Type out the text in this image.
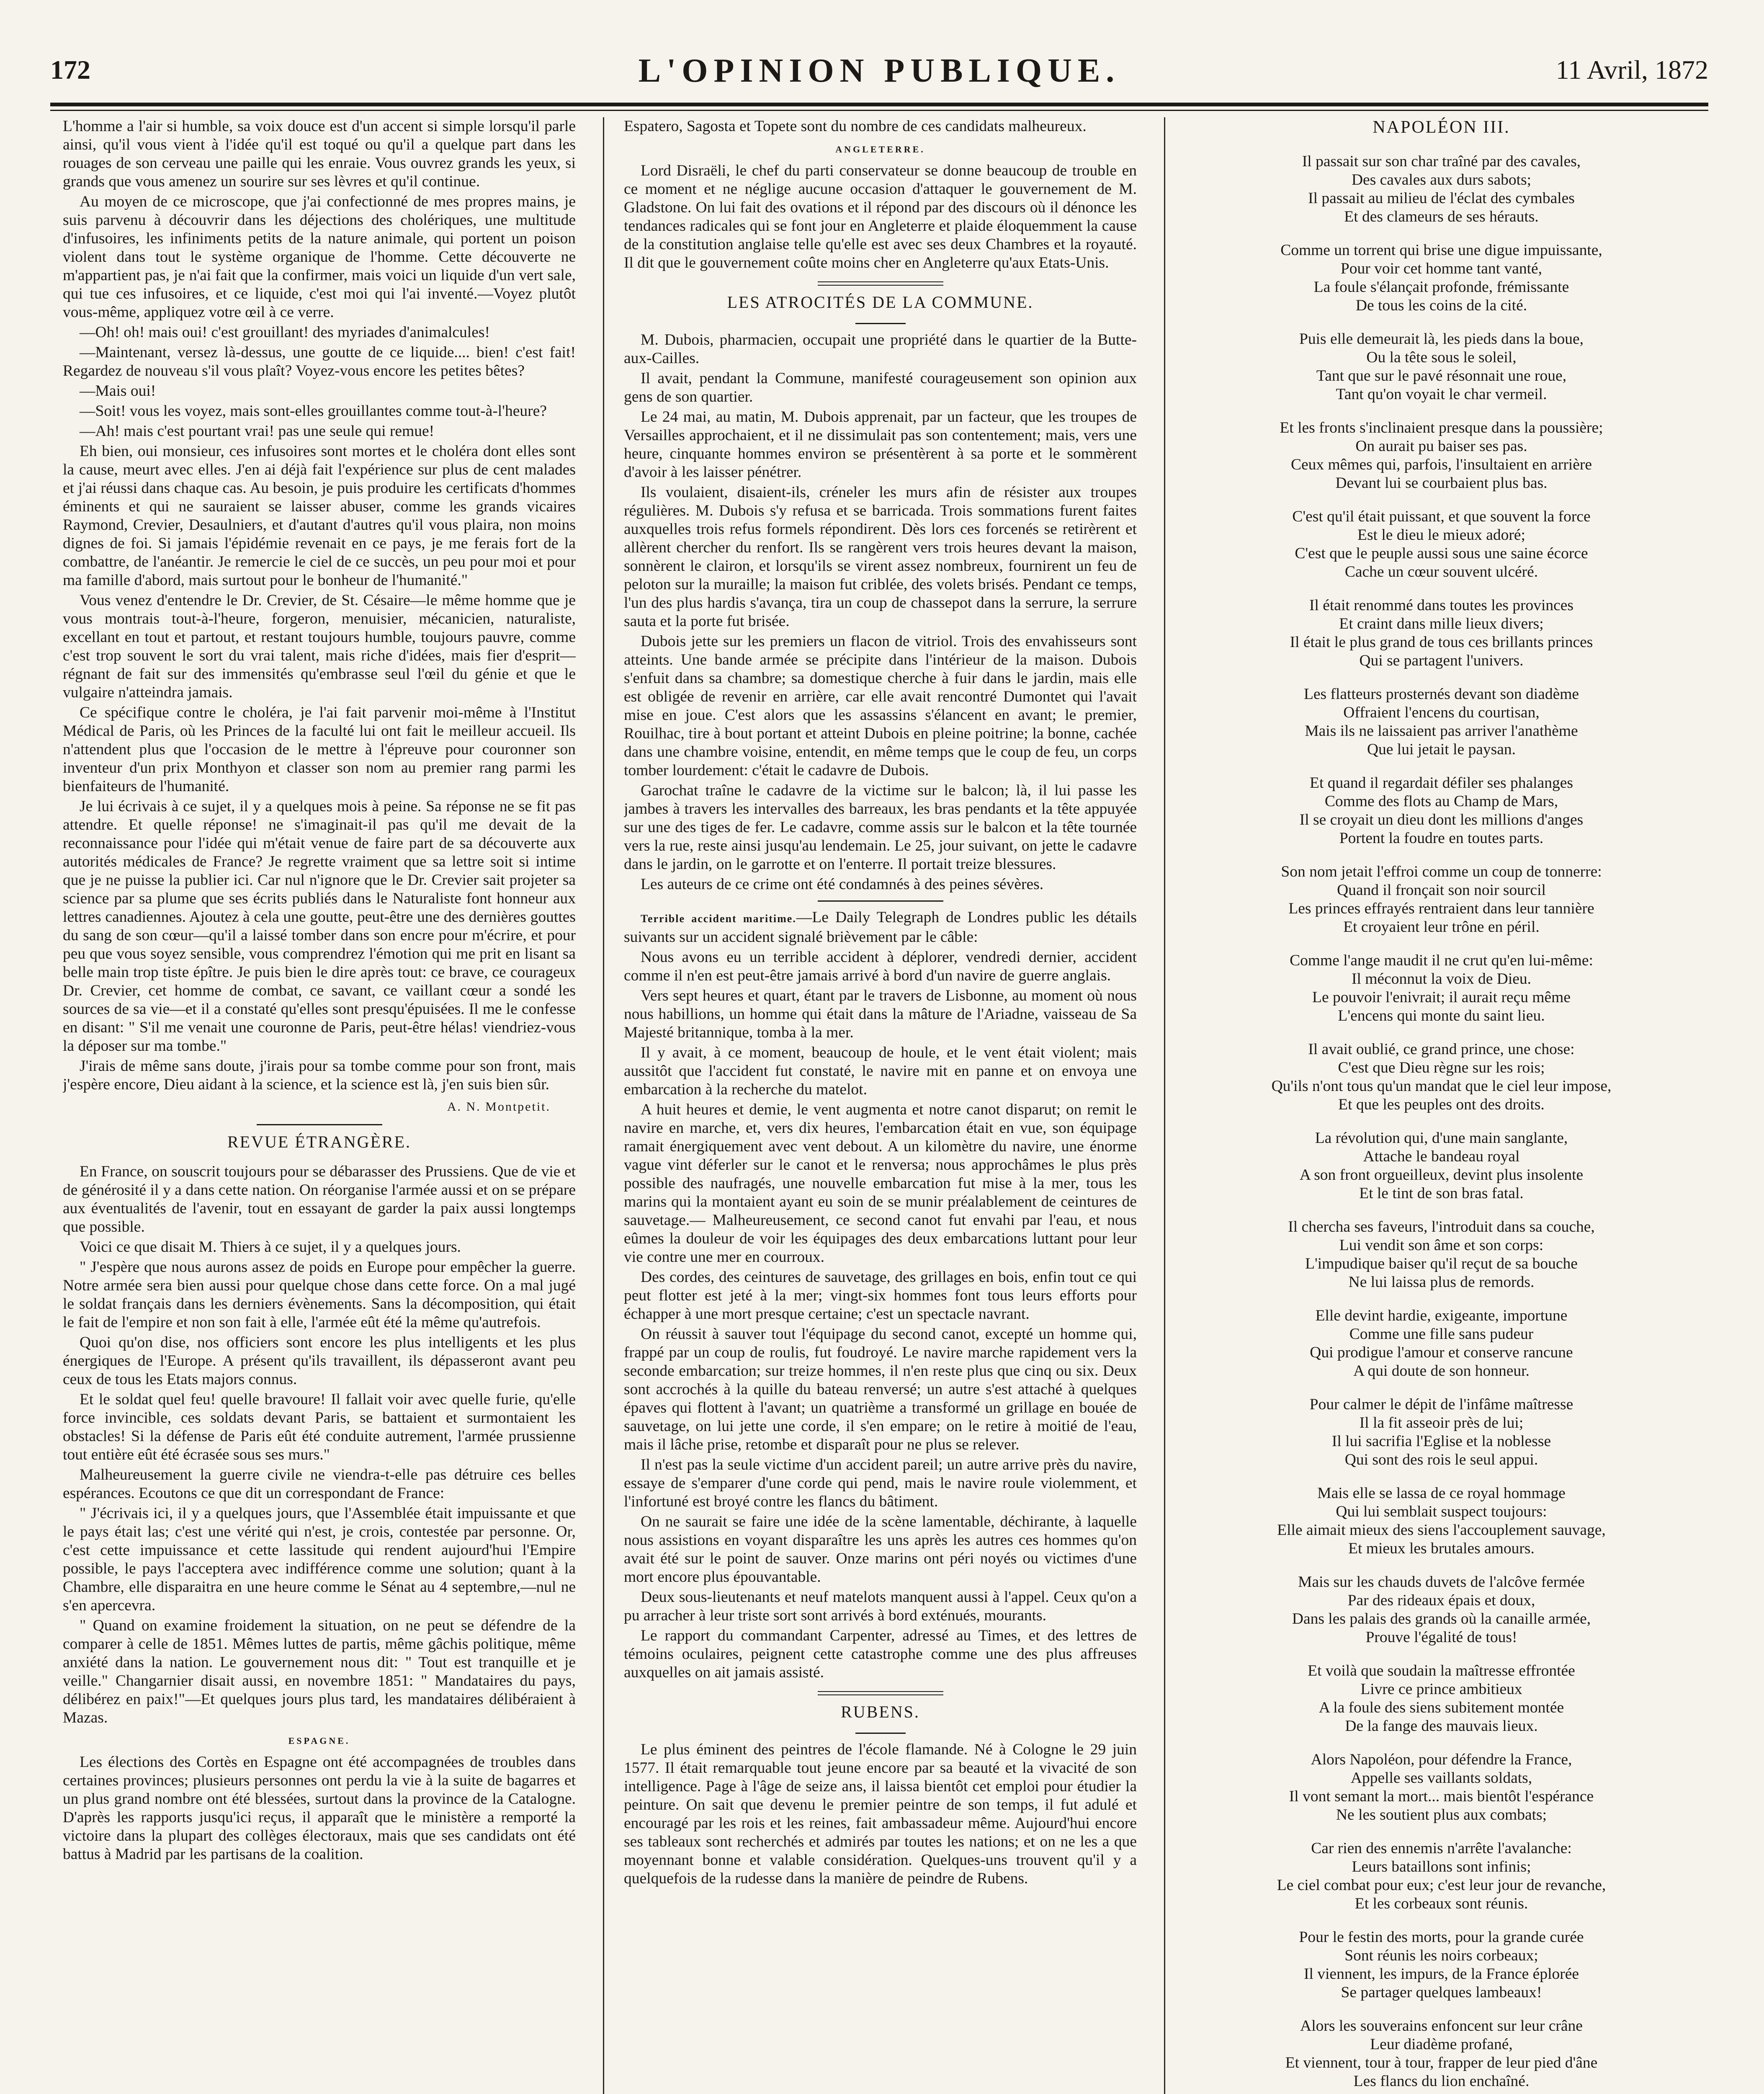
172	L'OPINION PUBLIQUE.	11 Avril, 1872

L'homme a l'air si humble, sa voix douce est d'un accent si simple lorsqu'il parle ainsi, qu'il vous vient à l'idée qu'il est toqué ou qu'il a quelque part dans les rouages de son cerveau une paille qui les enraie. Vous ouvrez grands les yeux, si grands que vous amenez un sourire sur ses lèvres et qu'il continue.

Au moyen de ce microscope, que j'ai confectionné de mes propres mains, je suis parvenu à découvrir dans les déjections des cholériques, une multitude d'infusoires, les infiniments petits de la nature animale, qui portent un poison violent dans tout le système organique de l'homme. Cette découverte ne m'appartient pas, je n'ai fait que la confirmer, mais voici un liquide d'un vert sale, qui tue ces infusoires, et ce liquide, c'est moi qui l'ai inventé.—Voyez plutôt vous-même, appliquez votre œil à ce verre.

—Oh! oh! mais oui! c'est grouillant! des myriades d'animalcules!

—Maintenant, versez là-dessus, une goutte de ce liquide.... bien! c'est fait! Regardez de nouveau s'il vous plaît? Voyez-vous encore les petites bêtes?

—Mais oui!

—Soit! vous les voyez, mais sont-elles grouillantes comme tout-à-l'heure?

—Ah! mais c'est pourtant vrai! pas une seule qui remue!

Eh bien, oui monsieur, ces infusoires sont mortes et le choléra dont elles sont la cause, meurt avec elles. J'en ai déjà fait l'expérience sur plus de cent malades et j'ai réussi dans chaque cas. Au besoin, je puis produire les certificats d'hommes éminents et qui ne sauraient se laisser abuser, comme les grands vicaires Raymond, Crevier, Desaulniers, et d'autant d'autres qu'il vous plaira, non moins dignes de foi. Si jamais l'épidémie revenait en ce pays, je me ferais fort de la combattre, de l'anéantir. Je remercie le ciel de ce succès, un peu pour moi et pour ma famille d'abord, mais surtout pour le bonheur de l'humanité."

Vous venez d'entendre le Dr. Crevier, de St. Césaire—le même homme que je vous montrais tout-à-l'heure, forgeron, menuisier, mécanicien, naturaliste, excellant en tout et partout, et restant toujours humble, toujours pauvre, comme c'est trop souvent le sort du vrai talent, mais riche d'idées, mais fier d'esprit—régnant de fait sur des immensités qu'embrasse seul l'œil du génie et que le vulgaire n'atteindra jamais.

Ce spécifique contre le choléra, je l'ai fait parvenir moi-même à l'Institut Médical de Paris, où les Princes de la faculté lui ont fait le meilleur accueil. Ils n'attendent plus que l'occasion de le mettre à l'épreuve pour couronner son inventeur d'un prix Monthyon et classer son nom au premier rang parmi les bienfaiteurs de l'humanité.

Je lui écrivais à ce sujet, il y a quelques mois à peine. Sa réponse ne se fit pas attendre. Et quelle réponse! ne s'imaginait-il pas qu'il me devait de la reconnaissance pour l'idée qui m'était venue de faire part de sa découverte aux autorités médicales de France? Je regrette vraiment que sa lettre soit si intime que je ne puisse la publier ici. Car nul n'ignore que le Dr. Crevier sait projeter sa science par sa plume que ses écrits publiés dans le Naturaliste font honneur aux lettres canadiennes. Ajoutez à cela une goutte, peut-être une des dernières gouttes du sang de son cœur—qu'il a laissé tomber dans son encre pour m'écrire, et pour peu que vous soyez sensible, vous comprendrez l'émotion qui me prit en lisant sa belle main trop tiste épître. Je puis bien le dire après tout: ce brave, ce courageux Dr. Crevier, cet homme de combat, ce savant, ce vaillant cœur a sondé les sources de sa vie—et il a constaté qu'elles sont presqu'épuisées. Il me le confesse en disant: " S'il me venait une couronne de Paris, peut-être hélas! viendriez-vous la déposer sur ma tombe."

J'irais de même sans doute, j'irais pour sa tombe comme pour son front, mais j'espère encore, Dieu aidant à la science, et la science est là, j'en suis bien sûr.

A. N. Montpetit.
REVUE ÉTRANGÈRE.

En France, on souscrit toujours pour se débarasser des Prussiens. Que de vie et de générosité il y a dans cette nation. On réorganise l'armée aussi et on se prépare aux éventualités de l'avenir, tout en essayant de garder la paix aussi longtemps que possible.

Voici ce que disait M. Thiers à ce sujet, il y a quelques jours.

" J'espère que nous aurons assez de poids en Europe pour empêcher la guerre. Notre armée sera bien aussi pour quelque chose dans cette force. On a mal jugé le soldat français dans les derniers évènements. Sans la décomposition, qui était le fait de l'empire et non son fait à elle, l'armée eût été la même qu'autrefois.

Quoi qu'on dise, nos officiers sont encore les plus intelligents et les plus énergiques de l'Europe. A présent qu'ils travaillent, ils dépasseront avant peu ceux de tous les Etats majors connus.

Et le soldat quel feu! quelle bravoure! Il fallait voir avec quelle furie, qu'elle force invincible, ces soldats devant Paris, se battaient et surmontaient les obstacles! Si la défense de Paris eût été conduite autrement, l'armée prussienne tout entière eût été écrasée sous ses murs."

Malheureusement la guerre civile ne viendra-t-elle pas détruire ces belles espérances. Ecoutons ce que dit un correspondant de France:

" J'écrivais ici, il y a quelques jours, que l'Assemblée était impuissante et que le pays était las; c'est une vérité qui n'est, je crois, contestée par personne. Or, c'est cette impuissance et cette lassitude qui rendent aujourd'hui l'Empire possible, le pays l'acceptera avec indifférence comme une solution; quant à la Chambre, elle disparaitra en une heure comme le Sénat au 4 septembre,—nul ne s'en apercevra.

" Quand on examine froidement la situation, on ne peut se défendre de la comparer à celle de 1851. Mêmes luttes de partis, même gâchis politique, même anxiété dans la nation. Le gouvernement nous dit: " Tout est tranquille et je veille." Changarnier disait aussi, en novembre 1851: " Mandataires du pays, délibérez en paix!"—Et quelques jours plus tard, les mandataires délibéraient à Mazas.

ESPAGNE.

Les élections des Cortès en Espagne ont été accompagnées de troubles dans certaines provinces; plusieurs personnes ont perdu la vie à la suite de bagarres et un plus grand nombre ont été blessées, surtout dans la province de la Catalogne. D'après les rapports jusqu'ici reçus, il apparaît que le ministère a remporté la victoire dans la plupart des collèges électoraux, mais que ses candidats ont été battus à Madrid par les partisans de la coalition.

Espatero, Sagosta et Topete sont du nombre de ces candidats malheureux.

ANGLETERRE.

Lord Disraëli, le chef du parti conservateur se donne beaucoup de trouble en ce moment et ne néglige aucune occasion d'attaquer le gouvernement de M. Gladstone. On lui fait des ovations et il répond par des discours où il dénonce les tendances radicales qui se font jour en Angleterre et plaide éloquemment la cause de la constitution anglaise telle qu'elle est avec ses deux Chambres et la royauté. Il dit que le gouvernement coûte moins cher en Angleterre qu'aux Etats-Unis.

LES ATROCITÉS DE LA COMMUNE.

M. Dubois, pharmacien, occupait une propriété dans le quartier de la Butte-aux-Cailles.

Il avait, pendant la Commune, manifesté courageusement son opinion aux gens de son quartier.

Le 24 mai, au matin, M. Dubois apprenait, par un facteur, que les troupes de Versailles approchaient, et il ne dissimulait pas son contentement; mais, vers une heure, cinquante hommes environ se présentèrent à sa porte et le sommèrent d'avoir à les laisser pénétrer.

Ils voulaient, disaient-ils, créneler les murs afin de résister aux troupes régulières. M. Dubois s'y refusa et se barricada. Trois sommations furent faites auxquelles trois refus formels répondirent. Dès lors ces forcenés se retirèrent et allèrent chercher du renfort. Ils se rangèrent vers trois heures devant la maison, sonnèrent le clairon, et lorsqu'ils se virent assez nombreux, fournirent un feu de peloton sur la muraille; la maison fut criblée, des volets brisés. Pendant ce temps, l'un des plus hardis s'avança, tira un coup de chassepot dans la serrure, la serrure sauta et la porte fut brisée.

Dubois jette sur les premiers un flacon de vitriol. Trois des envahisseurs sont atteints. Une bande armée se précipite dans l'intérieur de la maison. Dubois s'enfuit dans sa chambre; sa domestique cherche à fuir dans le jardin, mais elle est obligée de revenir en arrière, car elle avait rencontré Dumontet qui l'avait mise en joue. C'est alors que les assassins s'élancent en avant; le premier, Rouilhac, tire à bout portant et atteint Dubois en pleine poitrine; la bonne, cachée dans une chambre voisine, entendit, en même temps que le coup de feu, un corps tomber lourdement: c'était le cadavre de Dubois.

Garochat traîne le cadavre de la victime sur le balcon; là, il lui passe les jambes à travers les intervalles des barreaux, les bras pendants et la tête appuyée sur une des tiges de fer. Le cadavre, comme assis sur le balcon et la tête tournée vers la rue, reste ainsi jusqu'au lendemain. Le 25, jour suivant, on jette le cadavre dans le jardin, on le garrotte et on l'enterre. Il portait treize blessures.

Les auteurs de ce crime ont été condamnés à des peines sévères.

Terrible accident maritime.—Le Daily Telegraph de Londres public les détails suivants sur un accident signalé brièvement par le câble:

Nous avons eu un terrible accident à déplorer, vendredi dernier, accident comme il n'en est peut-être jamais arrivé à bord d'un navire de guerre anglais.

Vers sept heures et quart, étant par le travers de Lisbonne, au moment où nous nous habillions, un homme qui était dans la mâture de l'Ariadne, vaisseau de Sa Majesté britannique, tomba à la mer.

Il y avait, à ce moment, beaucoup de houle, et le vent était violent; mais aussitôt que l'accident fut constaté, le navire mit en panne et on envoya une embarcation à la recherche du matelot.

A huit heures et demie, le vent augmenta et notre canot disparut; on remit le navire en marche, et, vers dix heures, l'embarcation était en vue, son équipage ramait énergiquement avec vent debout. A un kilomètre du navire, une énorme vague vint déferler sur le canot et le renversa; nous approchâmes le plus près possible des naufragés, une nouvelle embarcation fut mise à la mer, tous les marins qui la montaient ayant eu soin de se munir préalablement de ceintures de sauvetage.— Malheureusement, ce second canot fut envahi par l'eau, et nous eûmes la douleur de voir les équipages des deux embarcations luttant pour leur vie contre une mer en courroux.

Des cordes, des ceintures de sauvetage, des grillages en bois, enfin tout ce qui peut flotter est jeté à la mer; vingt-six hommes font tous leurs efforts pour échapper à une mort presque certaine; c'est un spectacle navrant.

On réussit à sauver tout l'équipage du second canot, excepté un homme qui, frappé par un coup de roulis, fut foudroyé. Le navire marche rapidement vers la seconde embarcation; sur treize hommes, il n'en reste plus que cinq ou six. Deux sont accrochés à la quille du bateau renversé; un autre s'est attaché à quelques épaves qui flottent à l'avant; un quatrième a transformé un grillage en bouée de sauvetage, on lui jette une corde, il s'en empare; on le retire à moitié de l'eau, mais il lâche prise, retombe et disparaît pour ne plus se relever.

Il n'est pas la seule victime d'un accident pareil; un autre arrive près du navire, essaye de s'emparer d'une corde qui pend, mais le navire roule violemment, et l'infortuné est broyé contre les flancs du bâtiment.

On ne saurait se faire une idée de la scène lamentable, déchirante, à laquelle nous assistions en voyant disparaître les uns après les autres ces hommes qu'on avait été sur le point de sauver. Onze marins ont péri noyés ou victimes d'une mort encore plus épouvantable.

Deux sous-lieutenants et neuf matelots manquent aussi à l'appel. Ceux qu'on a pu arracher à leur triste sort sont arrivés à bord exténués, mourants.

Le rapport du commandant Carpenter, adressé au Times, et des lettres de témoins oculaires, peignent cette catastrophe comme une des plus affreuses auxquelles on ait jamais assisté.

RUBENS.

Le plus éminent des peintres de l'école flamande. Né à Cologne le 29 juin 1577. Il était remarquable tout jeune encore par sa beauté et la vivacité de son intelligence. Page à l'âge de seize ans, il laissa bientôt cet emploi pour étudier la peinture. On sait que devenu le premier peintre de son temps, il fut adulé et encouragé par les rois et les reines, fait ambassadeur même. Aujourd'hui encore ses tableaux sont recherchés et admirés par toutes les nations; et on ne les a que moyennant bonne et valable considération. Quelques-uns trouvent qu'il y a quelquefois de la rudesse dans la manière de peindre de Rubens.

NAPOLÉON III.
Il passait sur son char traîné par des cavales,
Des cavales aux durs sabots;
Il passait au milieu de l'éclat des cymbales
Et des clameurs de ses hérauts.
Comme un torrent qui brise une digue impuissante,
Pour voir cet homme tant vanté,
La foule s'élançait profonde, frémissante
De tous les coins de la cité.
Puis elle demeurait là, les pieds dans la boue,
Ou la tête sous le soleil,
Tant que sur le pavé résonnait une roue,
Tant qu'on voyait le char vermeil.
Et les fronts s'inclinaient presque dans la poussière;
On aurait pu baiser ses pas.
Ceux mêmes qui, parfois, l'insultaient en arrière
Devant lui se courbaient plus bas.
C'est qu'il était puissant, et que souvent la force
Est le dieu le mieux adoré;
C'est que le peuple aussi sous une saine écorce
Cache un cœur souvent ulcéré.
Il était renommé dans toutes les provinces
Et craint dans mille lieux divers;
Il était le plus grand de tous ces brillants princes
Qui se partagent l'univers.
Les flatteurs prosternés devant son diadème
Offraient l'encens du courtisan,
Mais ils ne laissaient pas arriver l'anathème
Que lui jetait le paysan.
Et quand il regardait défiler ses phalanges
Comme des flots au Champ de Mars,
Il se croyait un dieu dont les millions d'anges
Portent la foudre en toutes parts.
Son nom jetait l'effroi comme un coup de tonnerre:
Quand il fronçait son noir sourcil
Les princes effrayés rentraient dans leur tannière
Et croyaient leur trône en péril.
Comme l'ange maudit il ne crut qu'en lui-même:
Il méconnut la voix de Dieu.
Le pouvoir l'enivrait; il aurait reçu même
L'encens qui monte du saint lieu.
Il avait oublié, ce grand prince, une chose:
C'est que Dieu règne sur les rois;
Qu'ils n'ont tous qu'un mandat que le ciel leur impose,
Et que les peuples ont des droits.
La révolution qui, d'une main sanglante,
Attache le bandeau royal
A son front orgueilleux, devint plus insolente
Et le tint de son bras fatal.
Il chercha ses faveurs, l'introduit dans sa couche,
Lui vendit son âme et son corps:
L'impudique baiser qu'il reçut de sa bouche
Ne lui laissa plus de remords.
Elle devint hardie, exigeante, importune
Comme une fille sans pudeur
Qui prodigue l'amour et conserve rancune
A qui doute de son honneur.
Pour calmer le dépit de l'infâme maîtresse
Il la fit asseoir près de lui;
Il lui sacrifia l'Eglise et la noblesse
Qui sont des rois le seul appui.
Mais elle se lassa de ce royal hommage
Qui lui semblait suspect toujours:
Elle aimait mieux des siens l'accouplement sauvage,
Et mieux les brutales amours.
Mais sur les chauds duvets de l'alcôve fermée
Par des rideaux épais et doux,
Dans les palais des grands où la canaille armée,
Prouve l'égalité de tous!
Et voilà que soudain la maîtresse effrontée
Livre ce prince ambitieux
A la foule des siens subitement montée
De la fange des mauvais lieux.
Alors Napoléon, pour défendre la France,
Appelle ses vaillants soldats,
Il vont semant la mort... mais bientôt l'espérance
Ne les soutient plus aux combats;
Car rien des ennemis n'arrête l'avalanche:
Leurs bataillons sont infinis;
Le ciel combat pour eux; c'est leur jour de revanche,
Et les corbeaux sont réunis.
Pour le festin des morts, pour la grande curée
Sont réunis les noirs corbeaux;
Il viennent, les impurs, de la France éplorée
Se partager quelques lambeaux!
Alors les souverains enfoncent sur leur crâne
Leur diadème profané,
Et viennent, tour à tour, frapper de leur pied d'âne
Les flancs du lion enchaîné.
